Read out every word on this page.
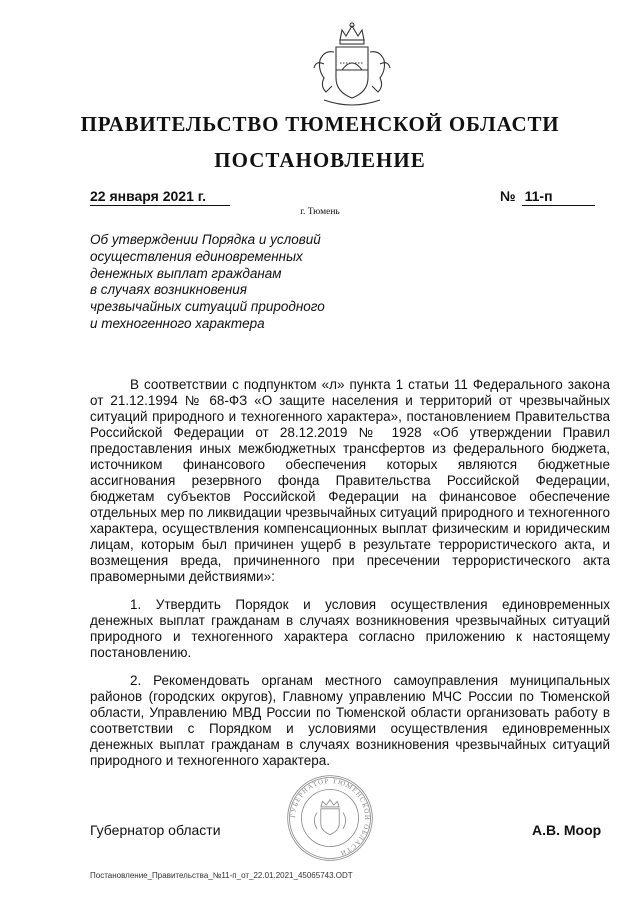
ПРАВИТЕЛЬСТВО ТЮМЕНСКОЙ ОБЛАСТИ
ПОСТАНОВЛЕНИЕ
22 января 2021 г.	№ 11-п
г. Тюмень
Об утверждении Порядка и условий
осуществления единовременных
денежных выплат гражданам
в случаях возникновения
чрезвычайных ситуаций природного
и техногенного характера

В соответствии с подпунктом «л» пункта 1 статьи 11 Федерального закона от 21.12.1994 № 68-ФЗ «О защите населения и территорий от чрезвычайных ситуаций природного и техногенного характера», постановлением Правительства Российской Федерации от 28.12.2019 № 1928 «Об утверждении Правил предоставления иных межбюджетных трансфертов из федерального бюджета, источником финансового обеспечения которых являются бюджетные ассигнования резервного фонда Правительства Российской Федерации, бюджетам субъектов Российской Федерации на финансовое обеспечение отдельных мер по ликвидации чрезвычайных ситуаций природного и техногенного характера, осуществления компенсационных выплат физическим и юридическим лицам, которым был причинен ущерб в результате террористического акта, и возмещения вреда, причиненного при пресечении террористического акта правомерными действиями»:

1. Утвердить Порядок и условия осуществления единовременных денежных выплат гражданам в случаях возникновения чрезвычайных ситуаций природного и техногенного характера согласно приложению к настоящему постановлению.

2. Рекомендовать органам местного самоуправления муниципальных районов (городских округов), Главному управлению МЧС России по Тюменской области, Управлению МВД России по Тюменской области организовать работу в соответствии с Порядком и условиями осуществления единовременных денежных выплат гражданам в случаях возникновения чрезвычайных ситуаций природного и техногенного характера.

ГУБЕРНАТОР ТЮМЕНСКОЙ ОБЛАСТИ
Губернатор области	А.В. Моор
Постановление_Правительства_№11-п_от_22.01.2021_45065743.ODT
